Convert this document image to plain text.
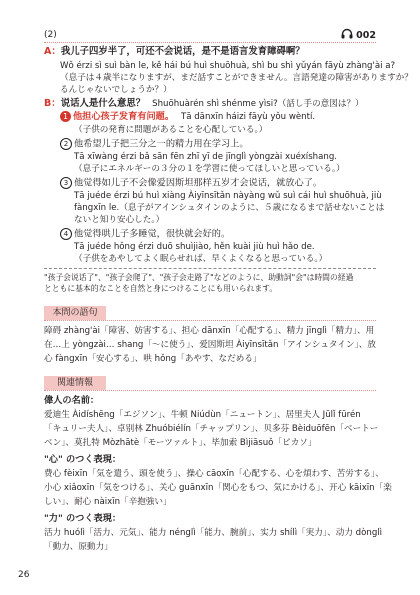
(2)	002
A：我儿子四岁半了，可还不会说话，是不是语言发育障碍啊？
Wǒ érzi sì suì bàn le, kě hái bú huì shuōhuà, shì bu shì yǔyán fāyù zhàng'ài a?
（息子は４歳半になりますが、まだ話すことができません。言語発達の障害がありますか？
るんじゃないでしょうか？）
B：说话人是什么意思？ Shuōhuàrén shì shénme yìsi?（話し手の意図は？）
1 他担心孩子发育有问题。 Tā dānxīn háizi fāyù yǒu wèntí.
（子供の発育に問題があることを心配している。）
2 他希望儿子把三分之一的精力用在学习上。
Tā xīwàng érzi bǎ sān fēn zhī yī de jīnglì yòngzài xuéxíshang.
（息子にエネルギーの３分の１を学習に使ってほしいと思っている。）
3 他觉得如儿子不会像爱因斯坦那样五岁才会说话，就放心了。
Tā juéde érzi bú huì xiàng Àiyīnsītǎn nàyàng wǔ suì cái huì shuōhuà, jiù
fàngxīn le.（息子がアインシュタインのように、５歳になるまで話せないことは
ないと知り安心した。）
4 他觉得哄儿子多睡觉，很快就会好的。
Tā juéde hǒng érzi duō shuìjiào, hěn kuài jiù huì hǎo de.
（子供をあやしてよく眠らせれば、早くよくなると思っている。）
"孩子会说话了"、"孩子会爬了"、"孩子会走路了"などのように、助動詞"会"は時間の経過
とともに基本的なことを自然と身につけることにも用いられます。
本問の語句
障碍 zhàng'ài「障害、妨害する」、担心 dānxīn「心配する」、精力 jīnglì「精力」、用
在…上 yòngzài… shang「～に使う」、爱因斯坦 Àiyīnsītǎn「アインシュタイン」、放
心 fàngxīn「安心する」、哄 hǒng「あやす、なだめる」
関連情報
偉人の名前：
爱迪生 Àidíshēng「エジソン」、牛顿 Niúdùn「ニュートン」、居里夫人 Jūlǐ fūrén
「キュリー夫人」、卓别林 Zhuóbiélín「チャップリン」、贝多芬 Bèiduōfēn「ベートー
ベン」、莫扎特 Mòzhātè「モーツァルト」、毕加索 Bìjiāsuǒ「ピカソ」
"心" のつく表現：
费心 fèixīn「気を遣う、頭を使う」、操心 cāoxīn「心配する、心を煩わす、苦労する」、
小心 xiǎoxīn「気をつける」、关心 guānxīn「関心をもつ、気にかける」、开心 kāixīn「楽
しい」、耐心 nàixīn「辛抱強い」
"力" のつく表現：
活力 huólì「活力、元気」、能力 nénglì「能力、腕前」、实力 shílì「実力」、动力 dònglì
「動力、原動力」
26
